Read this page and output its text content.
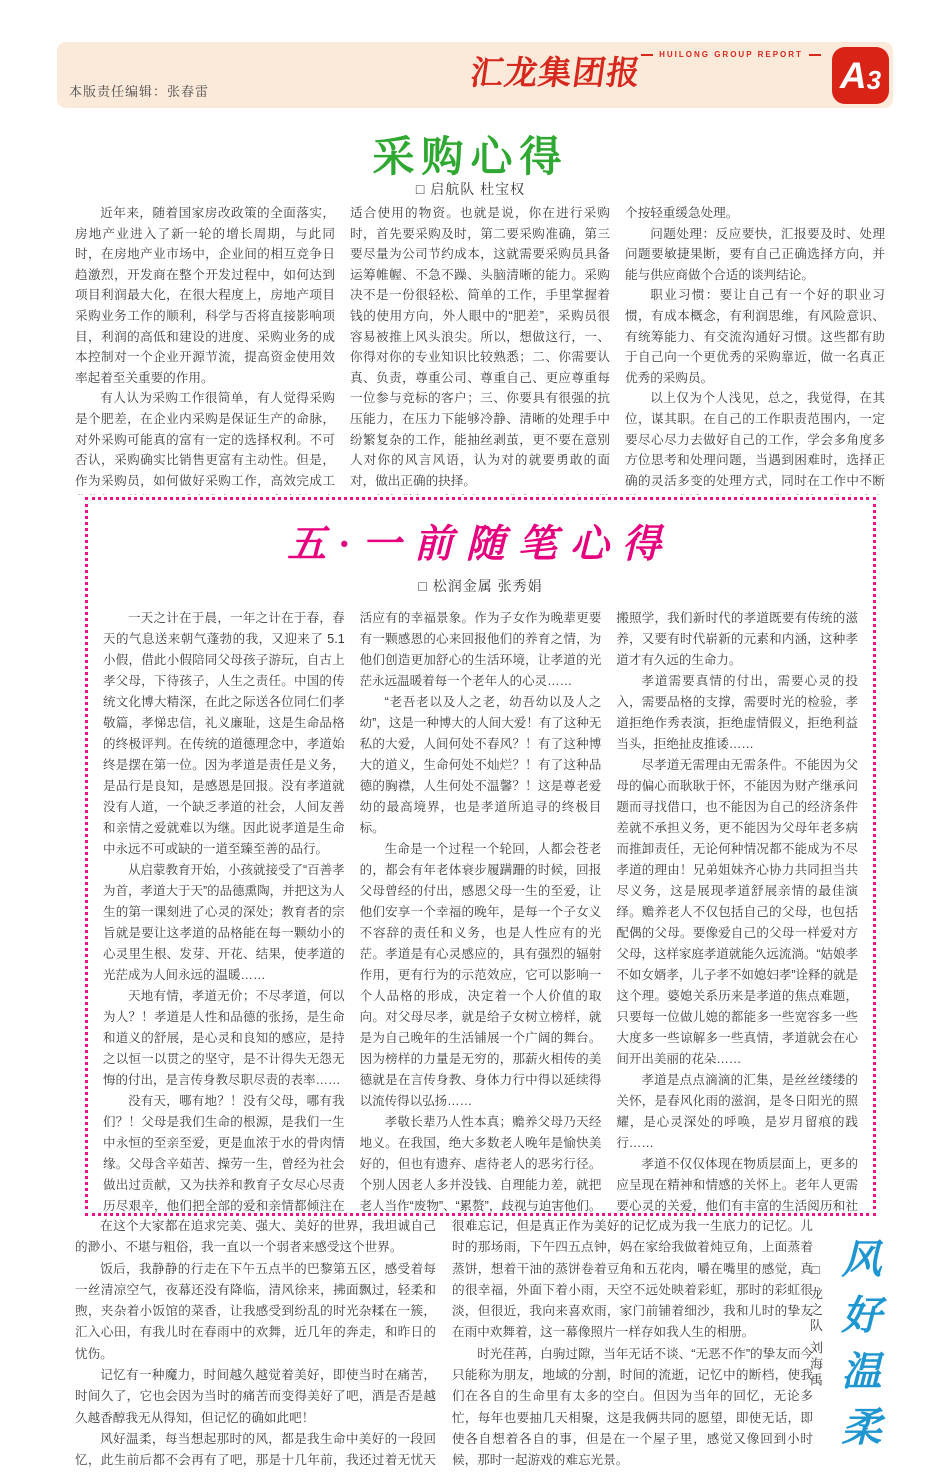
本版责任编辑：张春雷
汇龙集团报	HUILONG GROUP REPORT
A 3
采购心得
□ 启航队 杜宝权

近年来，随着国家房改政策的全面落实，房地产业进入了新一轮的增长周期，与此同时，在房地产业市场中，企业间的相互竞争日趋激烈，开发商在整个开发过程中，如何达到项目利润最大化，在很大程度上，房地产项目采购业务工作的顺利，科学与否将直接影响项目，利润的高低和建设的进度、采购业务的成本控制对一个企业开源节流，提高资金使用效率起着至关重要的作用。

有人认为采购工作很简单，有人觉得采购是个肥差，在企业内采购是保证生产的命脉，对外采购可能真的富有一定的选择权利。不可否认，采购确实比销售更富有主动性。但是，作为采购员，如何做好采购工作，高效完成工

适合使用的物资。也就是说，你在进行采购时，首先要采购及时，第二要采购准确，第三要尽量为公司节约成本，这就需要采购员具备运筹帷幄、不急不躁、头脑清晰的能力。采购决不是一份很轻松、简单的工作，手里掌握着钱的使用方向，外人眼中的“肥差”，采购员很容易被推上风头浪尖。所以，想做这行，一、你得对你的专业知识比较熟悉；二、你需要认真、负责，尊重公司、尊重自己、更应尊重每一位参与竞标的客户；三、你要具有很强的抗压能力，在压力下能够冷静、清晰的处理手中纷繁复杂的工作，能抽丝剥茧，更不要在意别人对你的风言风语，认为对的就要勇敢的面对，做出正确的抉择。

个按轻重缓急处理。

问题处理：反应要快，汇报要及时、处理问题要敏捷果断，要有自己正确选择方向，并能与供应商做个合适的谈判结论。

职业习惯：要让自己有一个好的职业习惯，有成本概念，有利润思维，有风险意识、有统筹能力、有交流沟通好习惯。这些都有助于自己向一个更优秀的采购靠近，做一名真正优秀的采购员。

以上仅为个人浅见，总之，我觉得，在其位，谋其职。在自己的工作职责范围内，一定要尽心尽力去做好自己的工作，学会多角度多方位思考和处理问题，当遇到困难时，选择正确的灵活多变的处理方式，同时在工作中不断

五·一前随笔心得
□ 松润金属 张秀娟

一天之计在于晨，一年之计在于春，春天的气息送来朝气蓬勃的我，又迎来了 5.1 小假，借此小假陪同父母孩子游玩，自古上孝父母，下待孩子，人生之责任。中国的传统文化博大精深，在此之际送各位同仁们孝敬篇，孝悌忠信，礼义廉耻，这是生命品格的终极评判。在传统的道德理念中，孝道始终是摆在第一位。因为孝道是责任是义务，是品行是良知，是感恩是回报。没有孝道就没有人道，一个缺乏孝道的社会，人间友善和亲情之爱就难以为继。因此说孝道是生命中永远不可或缺的一道至臻至善的品行。

从启蒙教育开始，小孩就接受了“百善孝为首，孝道大于天”的品德熏陶，并把这为人生的第一课刻进了心灵的深处；教育者的宗旨就是要让这孝道的品格能在每一颗幼小的心灵里生根、发芽、开花、结果，使孝道的光茫成为人间永远的温暖……

天地有情，孝道无价；不尽孝道，何以为人？！孝道是人性和品德的张扬，是生命和道义的舒展，是心灵和良知的感应，是持之以恒一以贯之的坚守，是不计得失无怨无悔的付出，是言传身教尽职尽责的表率……

没有天，哪有地？！没有父母，哪有我们？！父母是我们生命的根源，是我们一生中永恒的至亲至爱，更是血浓于水的骨肉情缘。父母含辛茹苦、操劳一生，曾经为社会做出过贡献，又为扶养和教育子女尽心尽责历尽艰辛，他们把全部的爱和亲情都倾注在

活应有的幸福景象。作为子女作为晚辈更要有一颗感恩的心来回报他们的养育之情，为他们创造更加舒心的生活环境，让孝道的光茫永远温暖着每一个老年人的心灵……

“老吾老以及人之老，幼吾幼以及人之幼”，这是一种博大的人间大爱！有了这种无私的大爱，人间何处不春风？！有了这种博大的道义，生命何处不灿烂？！有了这种品德的胸襟，人生何处不温馨？！这是尊老爱幼的最高境界，也是孝道所追寻的终极目标。

生命是一个过程一个轮回，人都会苍老的，都会有年老体衰步履蹒跚的时候，回报父母曾经的付出，感恩父母一生的至爱，让他们安享一个幸福的晚年，是每一个子女义不容辞的责任和义务，也是人性应有的光茫。孝道是有心灵感应的，具有强烈的辐射作用，更有行为的示范效应，它可以影响一个人品格的形成，决定着一个人价值的取向。对父母尽孝，就是给子女树立榜样，就是为自己晚年的生活铺展一个广阔的舞台。因为榜样的力量是无穷的，那薪火相传的美德就是在言传身教、身体力行中得以延续得以流传得以弘扬……

孝敬长辈乃人性本真；赡养父母乃天经地义。在我国，绝大多数老人晚年是愉快美好的，但也有遗弃、虐待老人的恶劣行径。个别人因老人多并没钱、自理能力差，就把老人当作“废物”、“累赘”，歧视与迫害他们。

搬照学，我们新时代的孝道既要有传统的滋养，又要有时代崭新的元素和内涵，这种孝道才有久远的生命力。

孝道需要真情的付出，需要心灵的投入，需要品格的支撑，需要时光的检验，孝道拒绝作秀表演，拒绝虚情假义，拒绝利益当头，拒绝扯皮推诿……

尽孝道无需理由无需条件。不能因为父母的偏心而耿耿于怀，不能因为财产继承问题而寻找借口，也不能因为自己的经济条件差就不承担义务，更不能因为父母年老多病而推卸责任，无论何种情况都不能成为不尽孝道的理由！兄弟姐妹齐心协力共同担当共尽义务，这是展现孝道舒展亲情的最佳演绎。赡养老人不仅包括自己的父母，也包括配偶的父母。要像爱自己的父母一样爱对方父母，这样家庭孝道就能久远流淌。“姑娘孝不如女婿孝，儿子孝不如媳妇孝”诠释的就是这个理。婆媳关系历来是孝道的焦点难题，只要每一位做儿媳的都能多一些宽容多一些大度多一些谅解多一些真情，孝道就会在心间开出美丽的花朵……

孝道是点点滴滴的汇集，是丝丝缕缕的关怀，是春风化雨的滋润，是冬日阳光的照耀，是心灵深处的呼唤，是岁月留痕的践行……

孝道不仅仅体现在物质层面上，更多的应呈现在精神和情感的关怀上。老年人更需要心灵的关爱，他们有丰富的生活阅历和社

在这个大家都在追求完美、强大、美好的世界，我坦诚自己的渺小、不堪与粗俗，我一直以一个弱者来感受这个世界。

饭后，我静静的行走在下午五点半的巴黎第五区，感受着每一丝清凉空气，夜幕还没有降临，清风徐来，拂面飘过，轻柔和煦，夹杂着小饭馆的菜香，让我感受到纷乱的时光杂糅在一簇，汇入心田，有我儿时在春雨中的欢舞，近几年的奔走，和昨日的忧伤。

记忆有一种魔力，时间越久越觉着美好，即使当时在痛苦，时间久了，它也会因为当时的痛苦而变得美好了吧，酒是否是越久越香醇我无从得知，但记忆的确如此吧！

风好温柔，每当想起那时的风，都是我生命中美好的一段回忆，此生前后都不会再有了吧，那是十几年前，我还过着无忧天

很难忘记，但是真正作为美好的记忆成为我一生底力的记忆。儿时的那场雨，下午四五点钟，妈在家给我做着炖豆角，上面蒸着蒸饼，想着干油的蒸饼卷着豆角和五花肉，嚼在嘴里的感觉，真的很幸福，外面下着小雨，天空不远处映着彩虹，那时的彩虹很淡，但很近，我向来喜欢雨，家门前铺着细沙，我和儿时的挚友在雨中欢舞着，这一幕像照片一样存如我人生的相册。

时光荏苒，白驹过隙，当年无话不谈、“无恶不作”的挚友而今只能称为朋友，地域的分割，时间的流逝，记忆中的断档，使我们在各自的生命里有太多的空白。但因为当年的回忆，无论多忙，每年也要抽几天相聚，这是我俩共同的愿望，即使无话，即使各自想着各自的事，但是在一个屋子里，感觉又像回到小时候，那时一起游戏的难忘光景。

□ 龙之队 刘海禹 风好温柔
